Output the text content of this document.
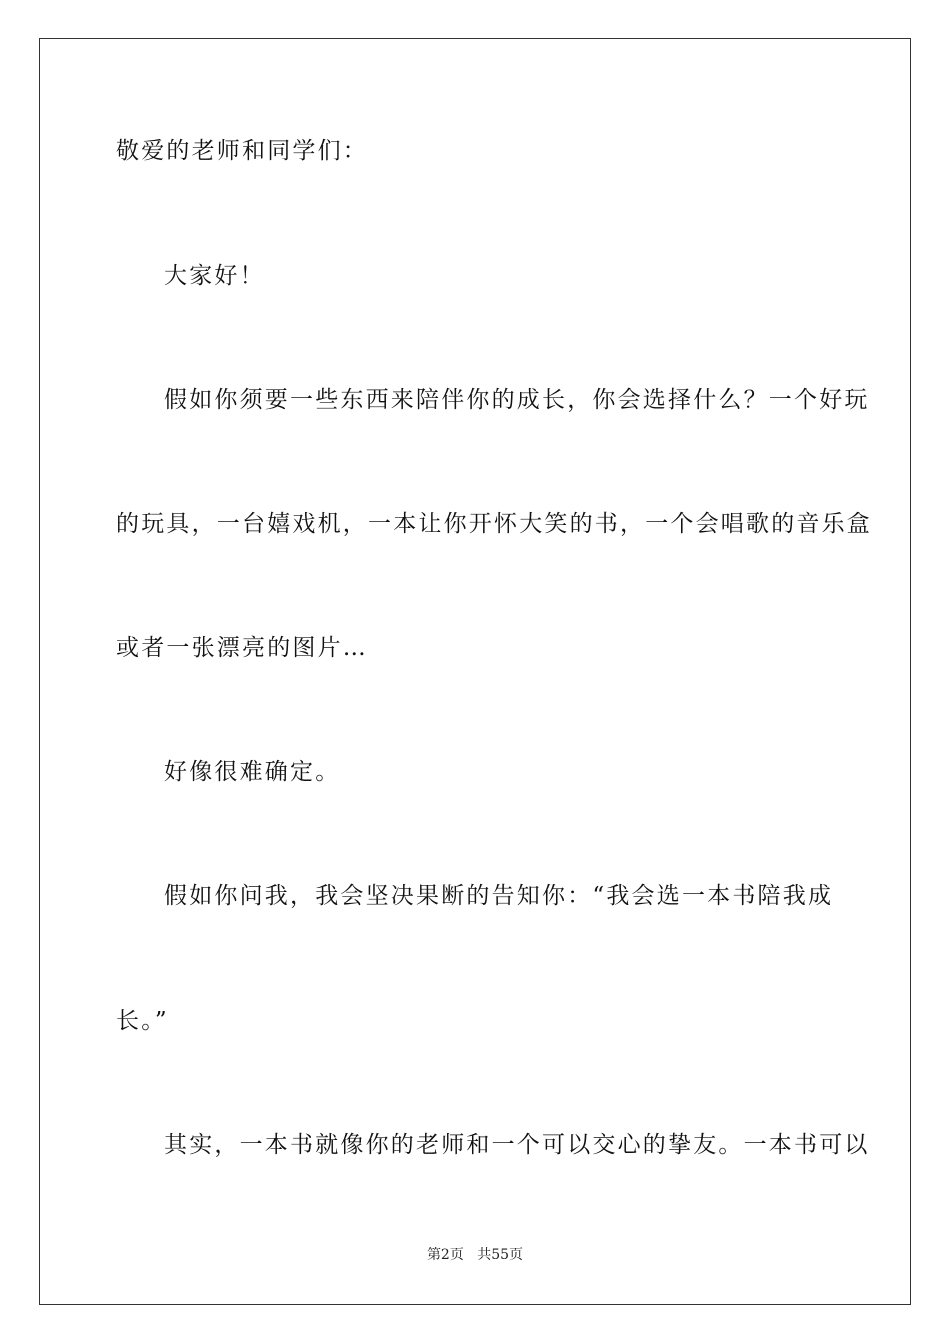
敬爱的老师和同学们：
大家好！
假如你须要一些东西来陪伴你的成长，你会选择什么？一个好玩
的玩具，一台嬉戏机，一本让你开怀大笑的书，一个会唱歌的音乐盒
或者一张漂亮的图片…
好像很难确定。
假如你问我，我会坚决果断的告知你：“我会选一本书陪我成
长。”
其实，一本书就像你的老师和一个可以交心的挚友。一本书可以
第2页 共55页
